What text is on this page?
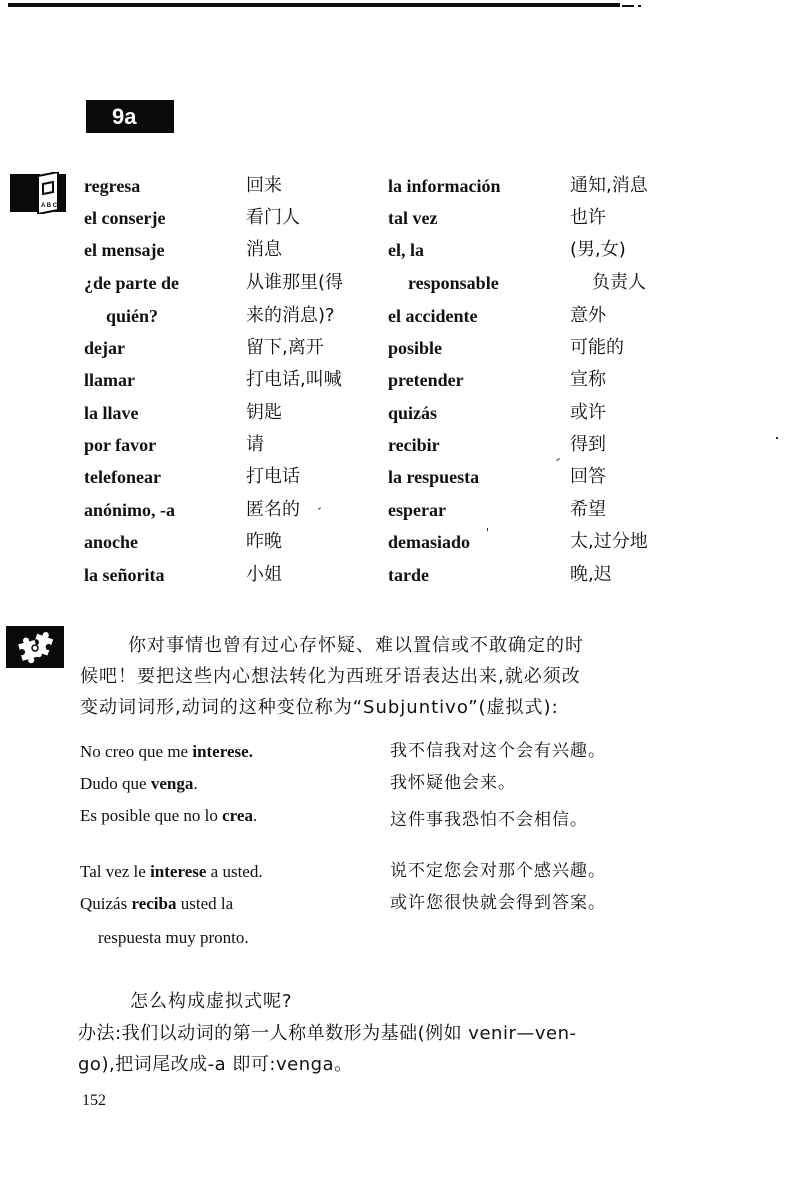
9a
A B C
regresa	回来
el conserje	看门人
el mensaje	消息
¿de parte de	从谁那里(得
quién?	来的消息)?
dejar	留下,离开
llamar	打电话,叫喊
la llave	钥匙
por favor	请
telefonear	打电话
anónimo, -a	匿名的
anoche	昨晚
la señorita	小姐
la información	通知,消息
tal vez	也许
el, la	(男,女)
responsable	负责人
el accidente	意外
posible	可能的
pretender	宣称
quizás	或许
recibir	得到
la respuesta	回答
esperar	希望
demasiado	太,过分地
tarde	晚,迟
你对事情也曾有过心存怀疑、难以置信或不敢确定的时
候吧！要把这些内心想法转化为西班牙语表达出来,就必须改
变动词词形,动词的这种变位称为“Subjuntivo”(虚拟式):
No creo que me interese.	我不信我对这个会有兴趣。
Dudo que venga.	我怀疑他会来。
Es posible que no lo crea.	这件事我恐怕不会相信。
Tal vez le interese a usted.	说不定您会对那个感兴趣。
Quizás reciba usted la	或许您很快就会得到答案。
respuesta muy pronto.
怎么构成虚拟式呢?
办法:我们以动词的第一人称单数形为基础(例如 venir—ven-
go),把词尾改成-a 即可:venga。
152
